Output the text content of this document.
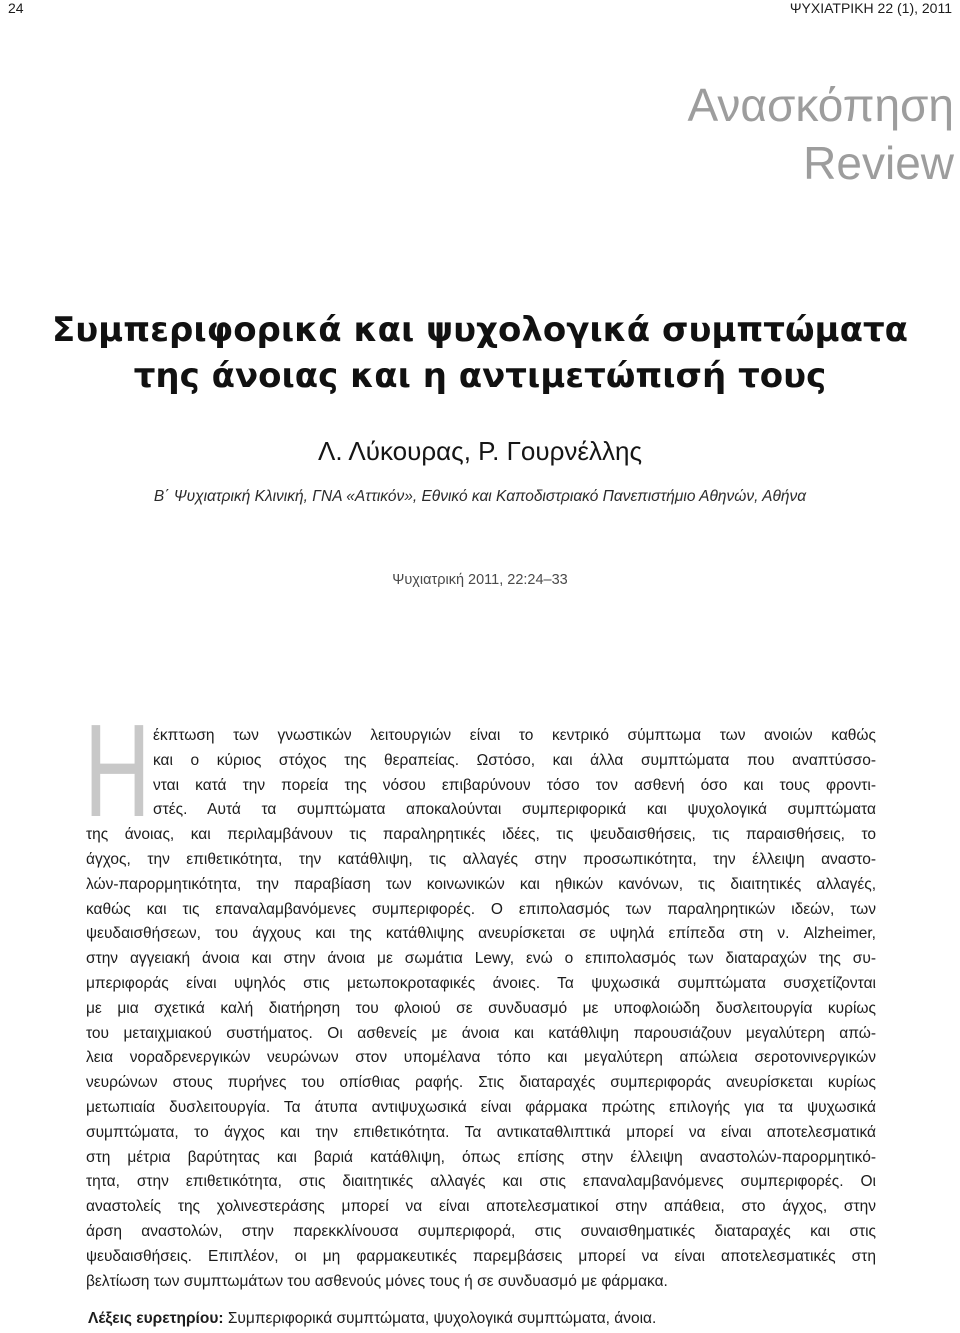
24	ΨΥΧΙΑΤΡΙΚΗ 22 (1), 2011
Ανασκόπηση
Review
Συμπεριφορικά και ψυχολογικά συμπτώματα
της άνοιας και η αντιμετώπισή τους
Λ. Λύκουρας, Ρ. Γουρνέλλης
Β΄ Ψυχιατρική Κλινική, ΓΝΑ «Αττικόν», Εθνικό και Καποδιστριακό Πανεπιστήμιο Αθηνών, Αθήνα
Ψυχιατρική 2011, 22:24–33
Η έκπτωση των γνωστικών λειτουργιών είναι το κεντρικό σύμπτωμα των ανοιών καθώς
και ο κύριος στόχος της θεραπείας. Ωστόσο, και άλλα συμπτώματα που αναπτύσσο-
νται κατά την πορεία της νόσου επιβαρύνουν τόσο τον ασθενή όσο και τους φροντι-
στές. Αυτά τα συμπτώματα αποκαλούνται συμπεριφορικά και ψυχολογικά συμπτώματα
της άνοιας, και περιλαμβάνουν τις παραληρητικές ιδέες, τις ψευδαισθήσεις, τις παραισθήσεις, το
άγχος, την επιθετικότητα, την κατάθλιψη, τις αλλαγές στην προσωπικότητα, την έλλειψη αναστο-
λών-παρορμητικότητα, την παραβίαση των κοινωνικών και ηθικών κανόνων, τις διαιτητικές αλλαγές,
καθώς και τις επαναλαμβανόμενες συμπεριφορές. Ο επιπολασμός των παραληρητικών ιδεών, των
ψευδαισθήσεων, του άγχους και της κατάθλιψης ανευρίσκεται σε υψηλά επίπεδα στη ν. Alzheimer,
στην αγγειακή άνοια και στην άνοια με σωμάτια Lewy, ενώ ο επιπολασμός των διαταραχών της συ-
μπεριφοράς είναι υψηλός στις μετωποκροταφικές άνοιες. Τα ψυχωσικά συμπτώματα συσχετίζονται
με μια σχετικά καλή διατήρηση του φλοιού σε συνδυασμό με υποφλοιώδη δυσλειτουργία κυρίως
του μεταιχμιακού συστήματος. Οι ασθενείς με άνοια και κατάθλιψη παρουσιάζουν μεγαλύτερη απώ-
λεια νοραδρενεργικών νευρώνων στον υπομέλανα τόπο και μεγαλύτερη απώλεια σεροτονινεργικών
νευρώνων στους πυρήνες του οπίσθιας ραφής. Στις διαταραχές συμπεριφοράς ανευρίσκεται κυρίως
μετωπιαία δυσλειτουργία. Τα άτυπα αντιψυχωσικά είναι φάρμακα πρώτης επιλογής για τα ψυχωσικά
συμπτώματα, το άγχος και την επιθετικότητα. Τα αντικαταθλιπτικά μπορεί να είναι αποτελεσματικά
στη μέτρια βαρύτητας και βαριά κατάθλιψη, όπως επίσης στην έλλειψη αναστολών-παρορμητικό-
τητα, στην επιθετικότητα, στις διαιτητικές αλλαγές και στις επαναλαμβανόμενες συμπεριφορές. Οι
αναστολείς της χολινεστεράσης μπορεί να είναι αποτελεσματικοί στην απάθεια, στο άγχος, στην
άρση αναστολών, στην παρεκκλίνουσα συμπεριφορά, στις συναισθηματικές διαταραχές και στις
ψευδαισθήσεις. Επιπλέον, οι μη φαρμακευτικές παρεμβάσεις μπορεί να είναι αποτελεσματικές στη
βελτίωση των συμπτωμάτων του ασθενούς μόνες τους ή σε συνδυασμό με φάρμακα.
Λέξεις ευρετηρίου: Συμπεριφορικά συμπτώματα, ψυχολογικά συμπτώματα, άνοια.
